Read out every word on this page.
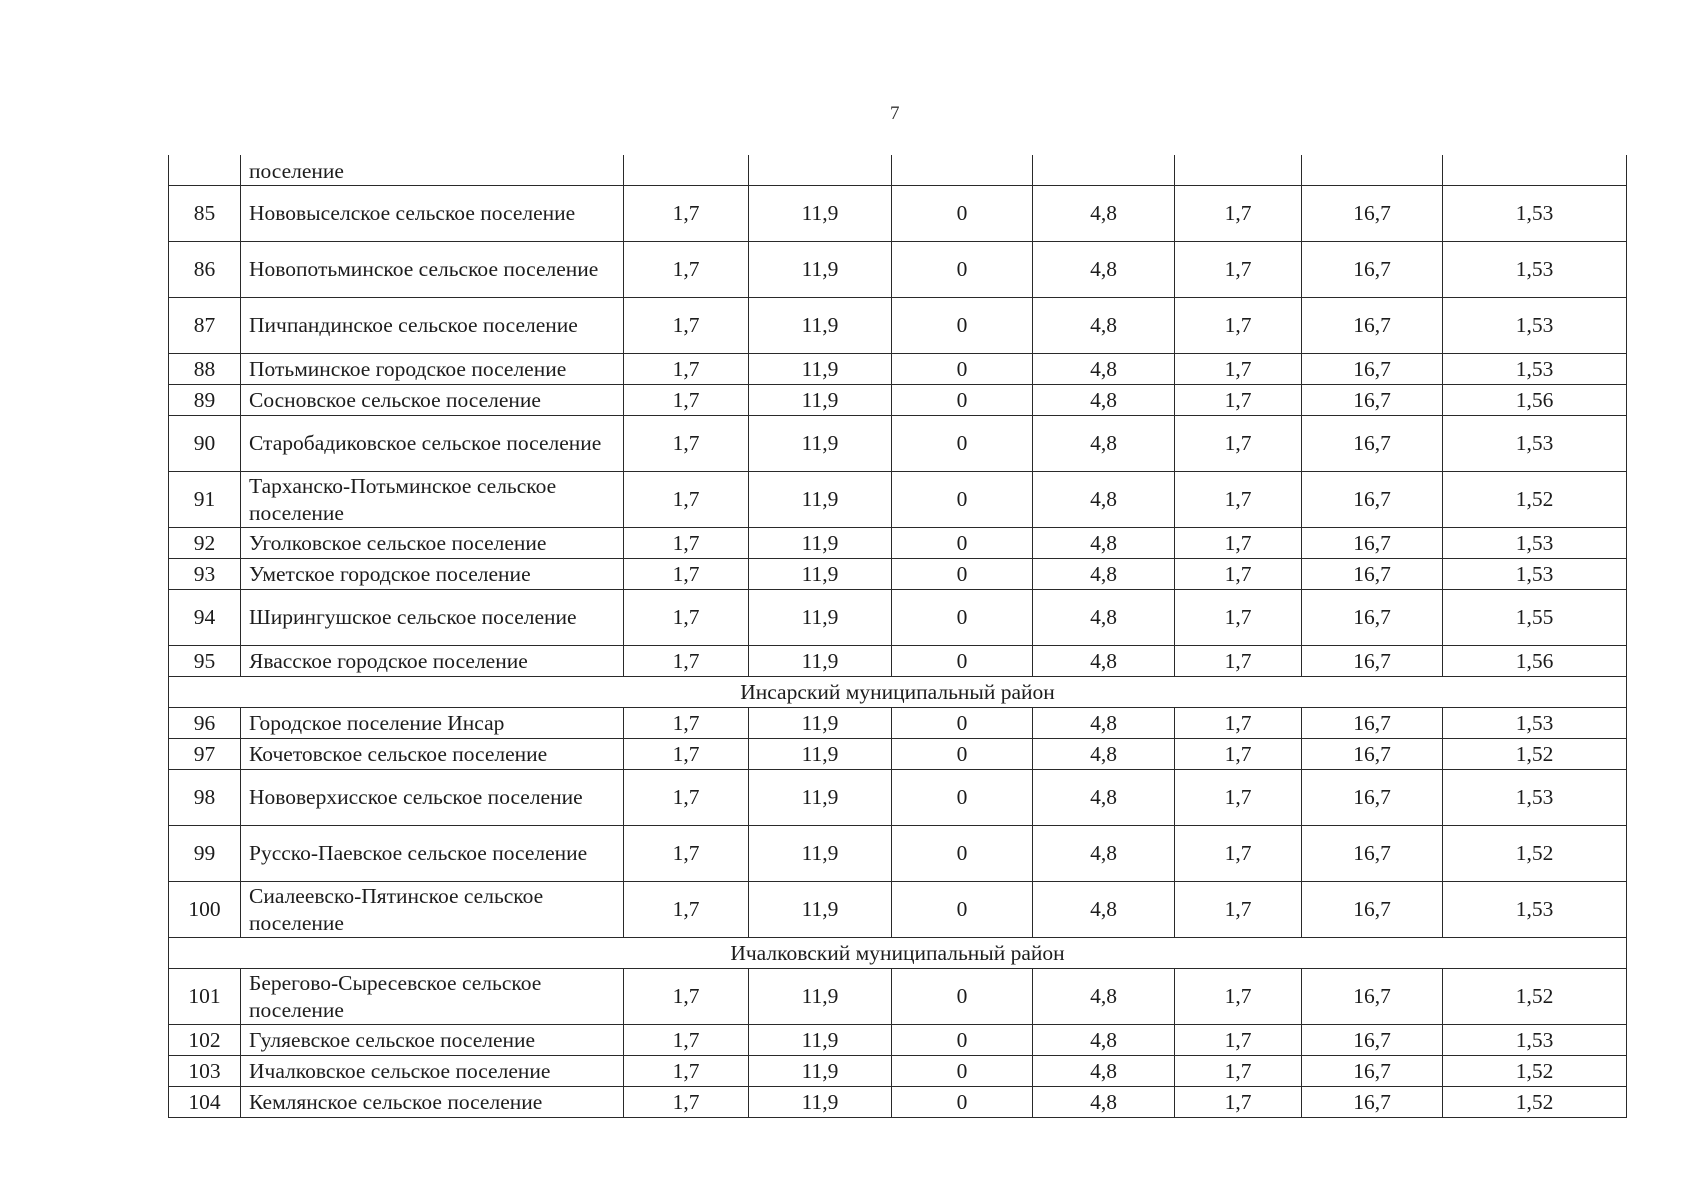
7
	поселение							
85	Нововыселское сельское поселение	1,7	11,9	0	4,8	1,7	16,7	1,53
86	Новопотьминское сельское поселение	1,7	11,9	0	4,8	1,7	16,7	1,53
87	Пичпандинское сельское поселение	1,7	11,9	0	4,8	1,7	16,7	1,53
88	Потьминское городское поселение	1,7	11,9	0	4,8	1,7	16,7	1,53
89	Сосновское сельское поселение	1,7	11,9	0	4,8	1,7	16,7	1,56
90	Старобадиковское сельское поселение	1,7	11,9	0	4,8	1,7	16,7	1,53
91	Тарханско-Потьминское сельское поселение	1,7	11,9	0	4,8	1,7	16,7	1,52
92	Уголковское сельское поселение	1,7	11,9	0	4,8	1,7	16,7	1,53
93	Уметское городское поселение	1,7	11,9	0	4,8	1,7	16,7	1,53
94	Ширингушское сельское поселение	1,7	11,9	0	4,8	1,7	16,7	1,55
95	Явасское городское поселение	1,7	11,9	0	4,8	1,7	16,7	1,56
Инсарский муниципальный район								
96	Городское поселение Инсар	1,7	11,9	0	4,8	1,7	16,7	1,53
97	Кочетовское сельское поселение	1,7	11,9	0	4,8	1,7	16,7	1,52
98	Нововерхисское сельское поселение	1,7	11,9	0	4,8	1,7	16,7	1,53
99	Русско-Паевское сельское поселение	1,7	11,9	0	4,8	1,7	16,7	1,52
100	Сиалеевско-Пятинское сельское поселение	1,7	11,9	0	4,8	1,7	16,7	1,53
Ичалковский муниципальный район								
101	Берегово-Сыресевское сельское поселение	1,7	11,9	0	4,8	1,7	16,7	1,52
102	Гуляевское сельское поселение	1,7	11,9	0	4,8	1,7	16,7	1,53
103	Ичалковское сельское поселение	1,7	11,9	0	4,8	1,7	16,7	1,52
104	Кемлянское сельское поселение	1,7	11,9	0	4,8	1,7	16,7	1,52
